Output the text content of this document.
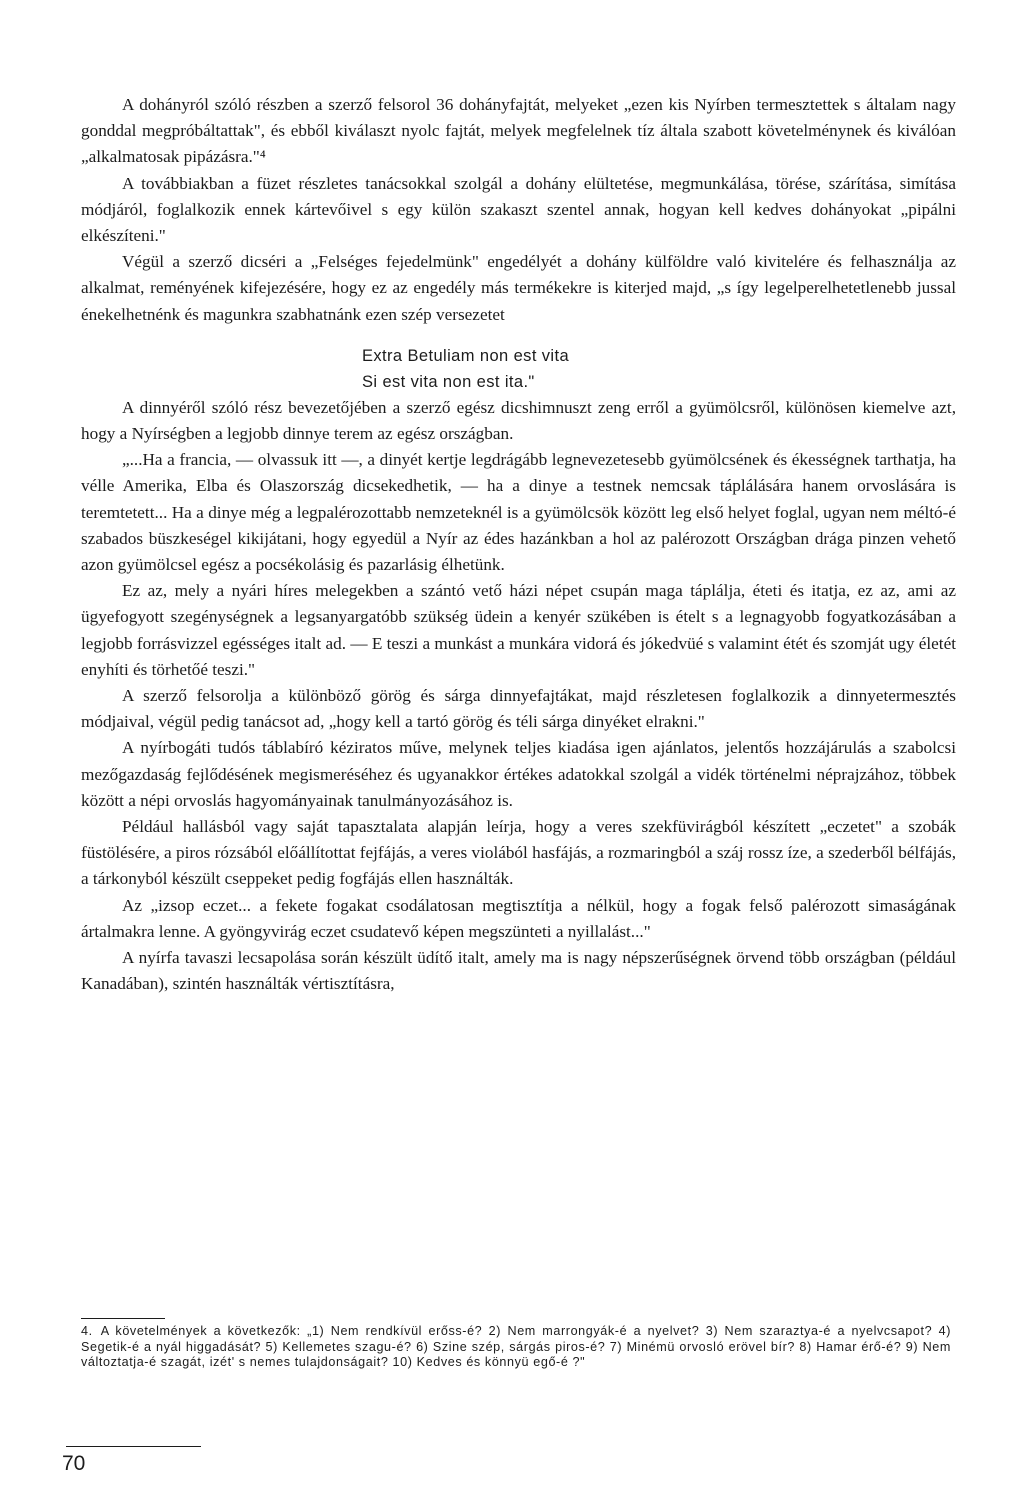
A dohányról szóló részben a szerző felsorol 36 dohányfajtát, melyeket „ezen kis Nyírben termesztettek s általam nagy gonddal megpróbáltattak", és ebből kiválaszt nyolc fajtát, melyek megfelelnek tíz általa szabott követelménynek és kiválóan „alkalmatosak pipázásra."⁴

A továbbiakban a füzet részletes tanácsokkal szolgál a dohány elültetése, megmunkálása, törése, szárítása, simítása módjáról, foglalkozik ennek kártevőivel s egy külön szakaszt szentel annak, hogyan kell kedves dohányokat „pipálni elkészíteni."

Végül a szerző dicséri a „Felséges fejedelmünk" engedélyét a dohány külföldre való kivitelére és felhasználja az alkalmat, reményének kifejezésére, hogy ez az engedély más termékekre is kiterjed majd, „s így legelperelhetetlenebb jussal énekelhetnénk és magunkra szabhatnánk ezen szép versezetet

Extra Betuliam non est vita
Si est vita non est ita."

A dinnyéről szóló rész bevezetőjében a szerző egész dicshimnuszt zeng erről a gyümölcsről, különösen kiemelve azt, hogy a Nyírségben a legjobb dinnye terem az egész országban.

„...Ha a francia, — olvassuk itt —, a dinyét kertje legdrágább legnevezetesebb gyümölcsének és ékességnek tarthatja, ha vélle Amerika, Elba és Olaszország dicsekedhetik, — ha a dinye a testnek nemcsak táplálására hanem orvoslására is teremtetett... Ha a dinye még a legpalérozottabb nemzeteknél is a gyümölcsök között leg első helyet foglal, ugyan nem méltó-é szabados büszkeségel kikijátani, hogy egyedül a Nyír az édes hazánkban a hol az palérozott Országban drága pinzen vehető azon gyümölcsel egész a pocsékolásig és pazarlásig élhetünk.

Ez az, mely a nyári híres melegekben a szántó vető házi népet csupán maga táplálja, éteti és itatja, ez az, ami az ügyefogyott szegénységnek a legsanyargatóbb szükség üdein a kenyér szükében is ételt s a legnagyobb fogyatkozásában a legjobb forrásvizzel egésséges italt ad. — E teszi a munkást a munkára vidorá és jókedvüé s valamint étét és szomját ugy életét enyhíti és törhetőé teszi."

A szerző felsorolja a különböző görög és sárga dinnyefajtákat, majd részletesen foglalkozik a dinnyetermesztés módjaival, végül pedig tanácsot ad, „hogy kell a tartó görög és téli sárga dinyéket elrakni."

A nyírbogáti tudós táblabíró kéziratos műve, melynek teljes kiadása igen ajánlatos, jelentős hozzájárulás a szabolcsi mezőgazdaság fejlődésének megismeréséhez és ugyanakkor értékes adatokkal szolgál a vidék történelmi néprajzához, többek között a népi orvoslás hagyományainak tanulmányozásához is.

Például hallásból vagy saját tapasztalata alapján leírja, hogy a veres szekfüvirágból készített „eczetet" a szobák füstölésére, a piros rózsából előállítottat fejfájás, a veres violából hasfájás, a rozmaringból a száj rossz íze, a szederből bélfájás, a tárkonyból készült cseppeket pedig fogfájás ellen használták.

Az „izsop eczet... a fekete fogakat csodálatosan megtisztítja a nélkül, hogy a fogak felső palérozott simaságának ártalmakra lenne. A gyöngyvirág eczet csudatevő képen megszünteti a nyillalást..."

A nyírfa tavaszi lecsapolása során készült üdítő italt, amely ma is nagy népszerűségnek örvend több országban (például Kanadában), szintén használták vértisztításra,

4. A követelmények a következők: „1) Nem rendkívül erőss-é? 2) Nem marrongyák-é a nyelvet? 3) Nem szaraztya-é a nyelvcsapot? 4) Segetik-é a nyál higgadását? 5) Kellemetes szagu-é? 6) Szine szép, sárgás piros-é? 7) Minémü orvosló erövel bír? 8) Hamar érő-é? 9) Nem változtatja-é szagát, izét' s nemes tulajdonságait? 10) Kedves és könnyü egő-é ?"
70
